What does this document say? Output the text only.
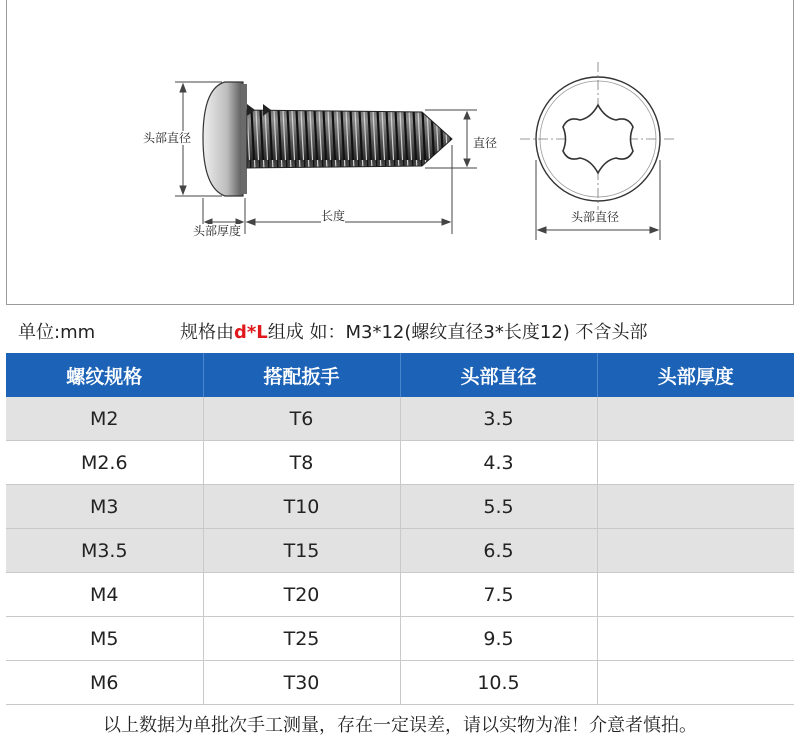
头部直径
头部厚度
长度
直径
头部直径
单位:mm	规格由d*L组成 如：M3*12(螺纹直径3*长度12) 不含头部
螺纹规格	搭配扳手	头部直径	头部厚度
M2	T6	3.5	
M2.6	T8	4.3	
M3	T10	5.5	
M3.5	T15	6.5	
M4	T20	7.5	
M5	T25	9.5	
M6	T30	10.5	
以上数据为单批次手工测量，存在一定误差，请以实物为准！介意者慎拍。
